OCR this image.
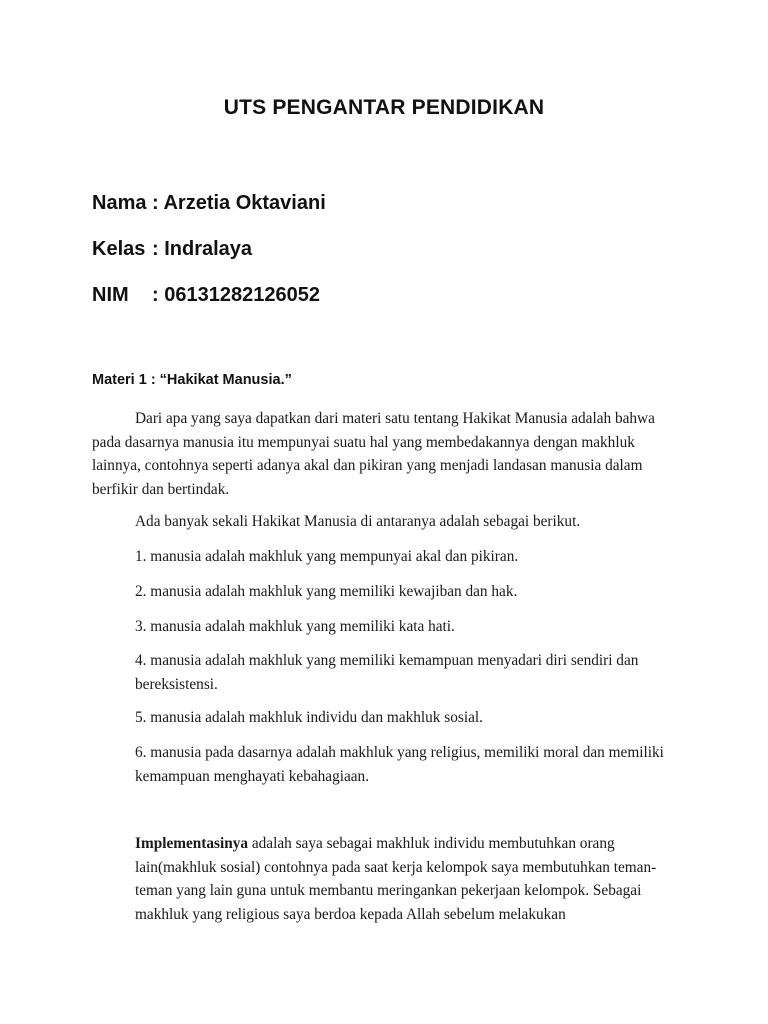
UTS PENGANTAR PENDIDIKAN
Nama : Arzetia Oktaviani
Kelas : Indralaya
NIM : 06131282126052
Materi 1 : “Hakikat Manusia.”
Dari apa yang saya dapatkan dari materi satu tentang Hakikat Manusia adalah bahwa pada dasarnya manusia itu mempunyai suatu hal yang membedakannya dengan makhluk lainnya, contohnya seperti adanya akal dan pikiran yang menjadi landasan manusia dalam berfikir dan bertindak.
Ada banyak sekali Hakikat Manusia di antaranya adalah sebagai berikut.
1. manusia adalah makhluk yang mempunyai akal dan pikiran.
2. manusia adalah makhluk yang memiliki kewajiban dan hak.
3. manusia adalah makhluk yang memiliki kata hati.
4. manusia adalah makhluk yang memiliki kemampuan menyadari diri sendiri dan bereksistensi.
5. manusia adalah makhluk individu dan makhluk sosial.
6. manusia pada dasarnya adalah makhluk yang religius, memiliki moral dan memiliki kemampuan menghayati kebahagiaan.
Implementasinya adalah saya sebagai makhluk individu membutuhkan orang lain(makhluk sosial) contohnya pada saat kerja kelompok saya membutuhkan teman-teman yang lain guna untuk membantu meringankan pekerjaan kelompok. Sebagai makhluk yang religious saya berdoa kepada Allah sebelum melakukan
